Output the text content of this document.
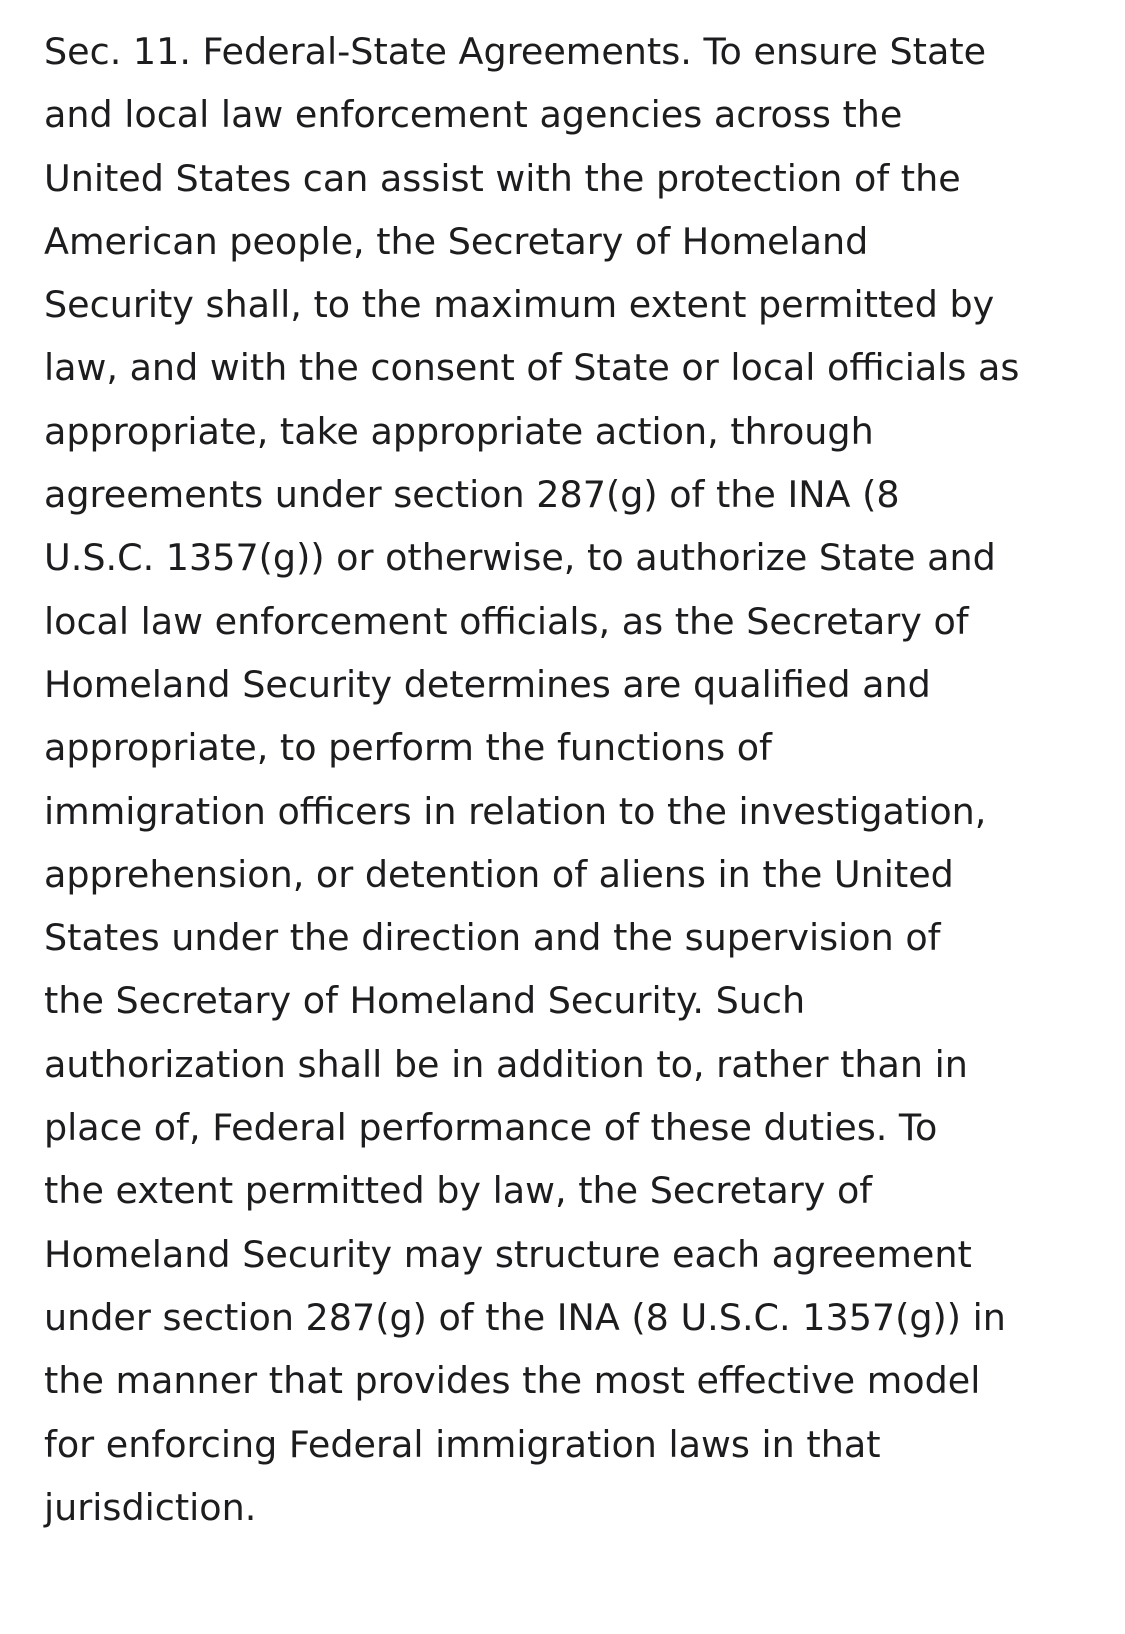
Sec. 11. Federal-State Agreements. To ensure State
and local law enforcement agencies across the
United States can assist with the protection of the
American people, the Secretary of Homeland
Security shall, to the maximum extent permitted by
law, and with the consent of State or local officials as
appropriate, take appropriate action, through
agreements under section 287(g) of the INA (8
U.S.C. 1357(g)) or otherwise, to authorize State and
local law enforcement officials, as the Secretary of
Homeland Security determines are qualified and
appropriate, to perform the functions of
immigration officers in relation to the investigation,
apprehension, or detention of aliens in the United
States under the direction and the supervision of
the Secretary of Homeland Security. Such
authorization shall be in addition to, rather than in
place of, Federal performance of these duties. To
the extent permitted by law, the Secretary of
Homeland Security may structure each agreement
under section 287(g) of the INA (8 U.S.C. 1357(g)) in
the manner that provides the most effective model
for enforcing Federal immigration laws in that
jurisdiction.
